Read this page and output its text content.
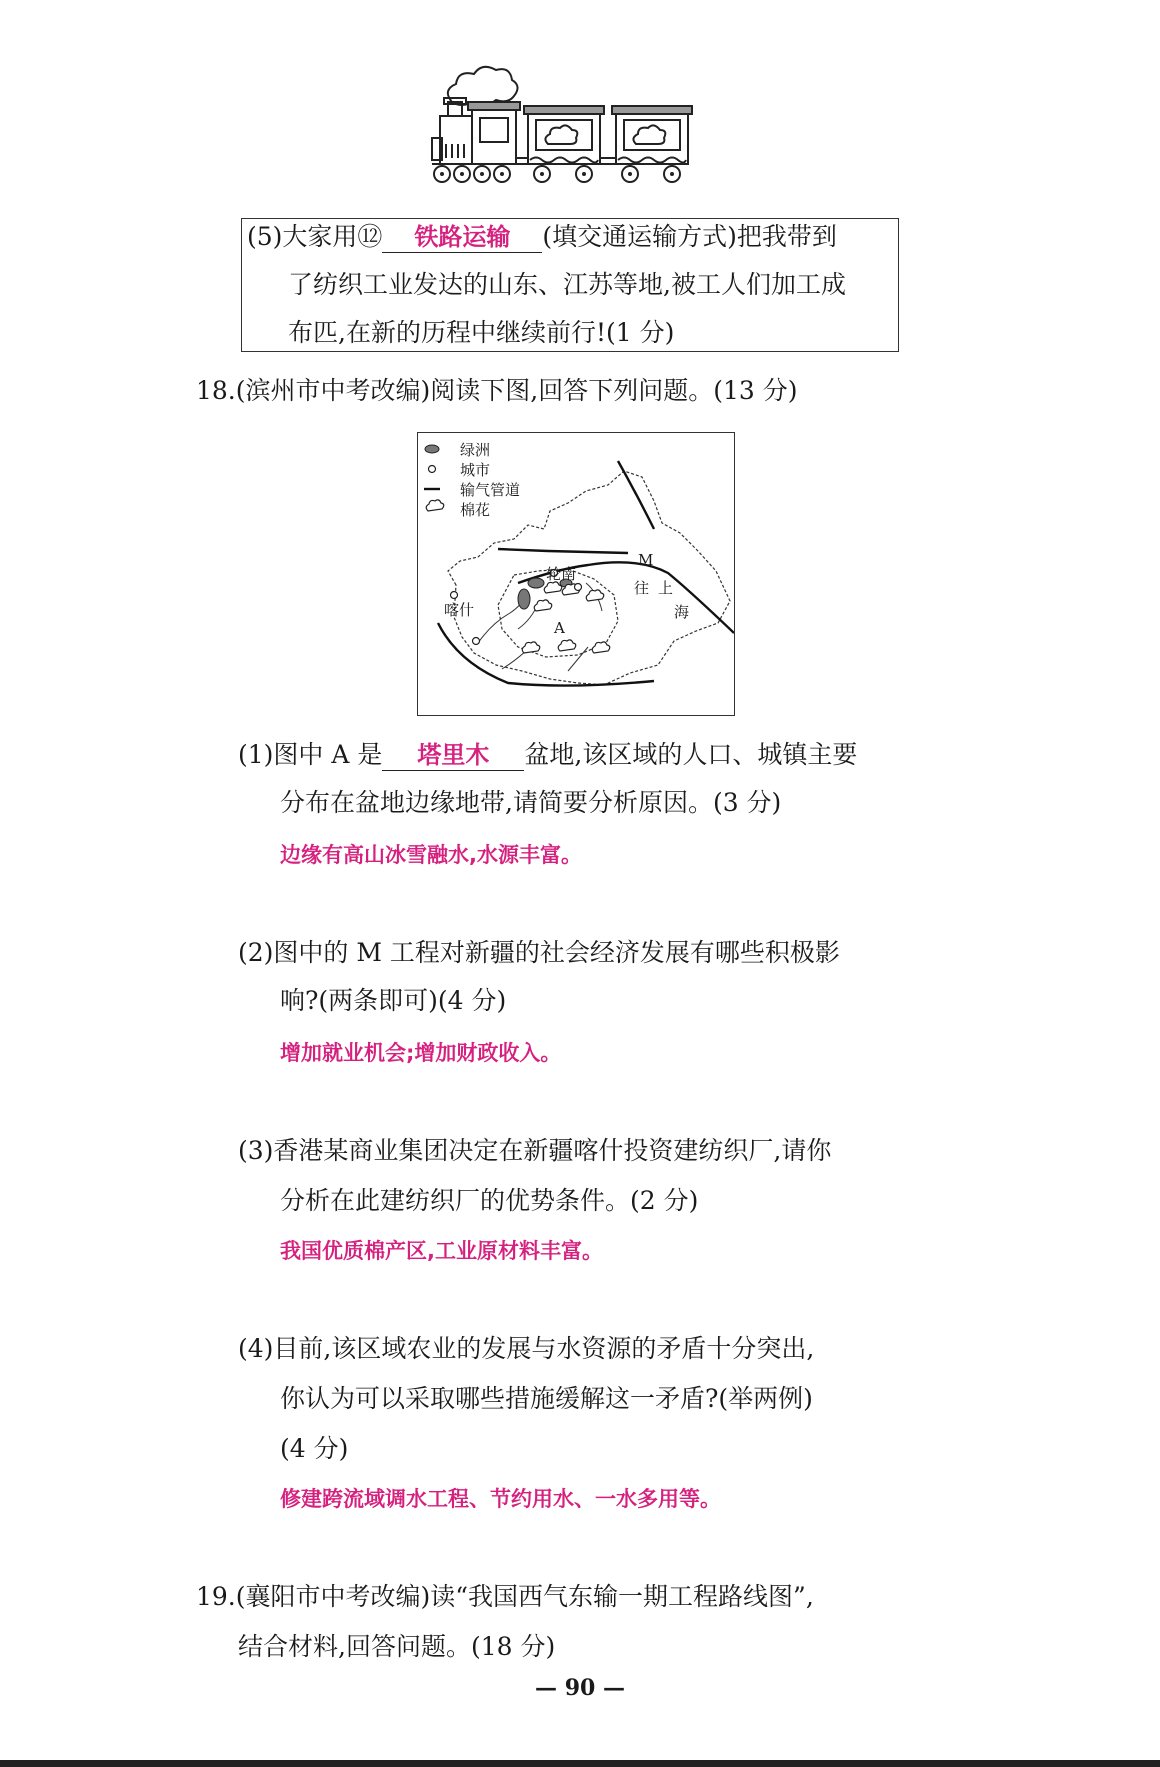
(5)大家用⑫ 铁路运输 (填交通运输方式)把我带到
了纺织工业发达的山东、江苏等地,被工人们加工成
布匹,在新的历程中继续前行!(1 分)
18.(滨州市中考改编)阅读下图,回答下列问题。(13 分)
绿洲
城市
输气管道
棉花
M
轮南
喀什
A
往 上
海
(1)图中 A 是 塔里木 盆地,该区域的人口、城镇主要
分布在盆地边缘地带,请简要分析原因。(3 分)
边缘有高山冰雪融水,水源丰富。
(2)图中的 M 工程对新疆的社会经济发展有哪些积极影
响?(两条即可)(4 分)
增加就业机会;增加财政收入。
(3)香港某商业集团决定在新疆喀什投资建纺织厂,请你
分析在此建纺织厂的优势条件。(2 分)
我国优质棉产区,工业原材料丰富。
(4)目前,该区域农业的发展与水资源的矛盾十分突出,
你认为可以采取哪些措施缓解这一矛盾?(举两例)
(4 分)
修建跨流域调水工程、节约用水、一水多用等。
19.(襄阳市中考改编)读“我国西气东输一期工程路线图”,
结合材料,回答问题。(18 分)
— 90 —
